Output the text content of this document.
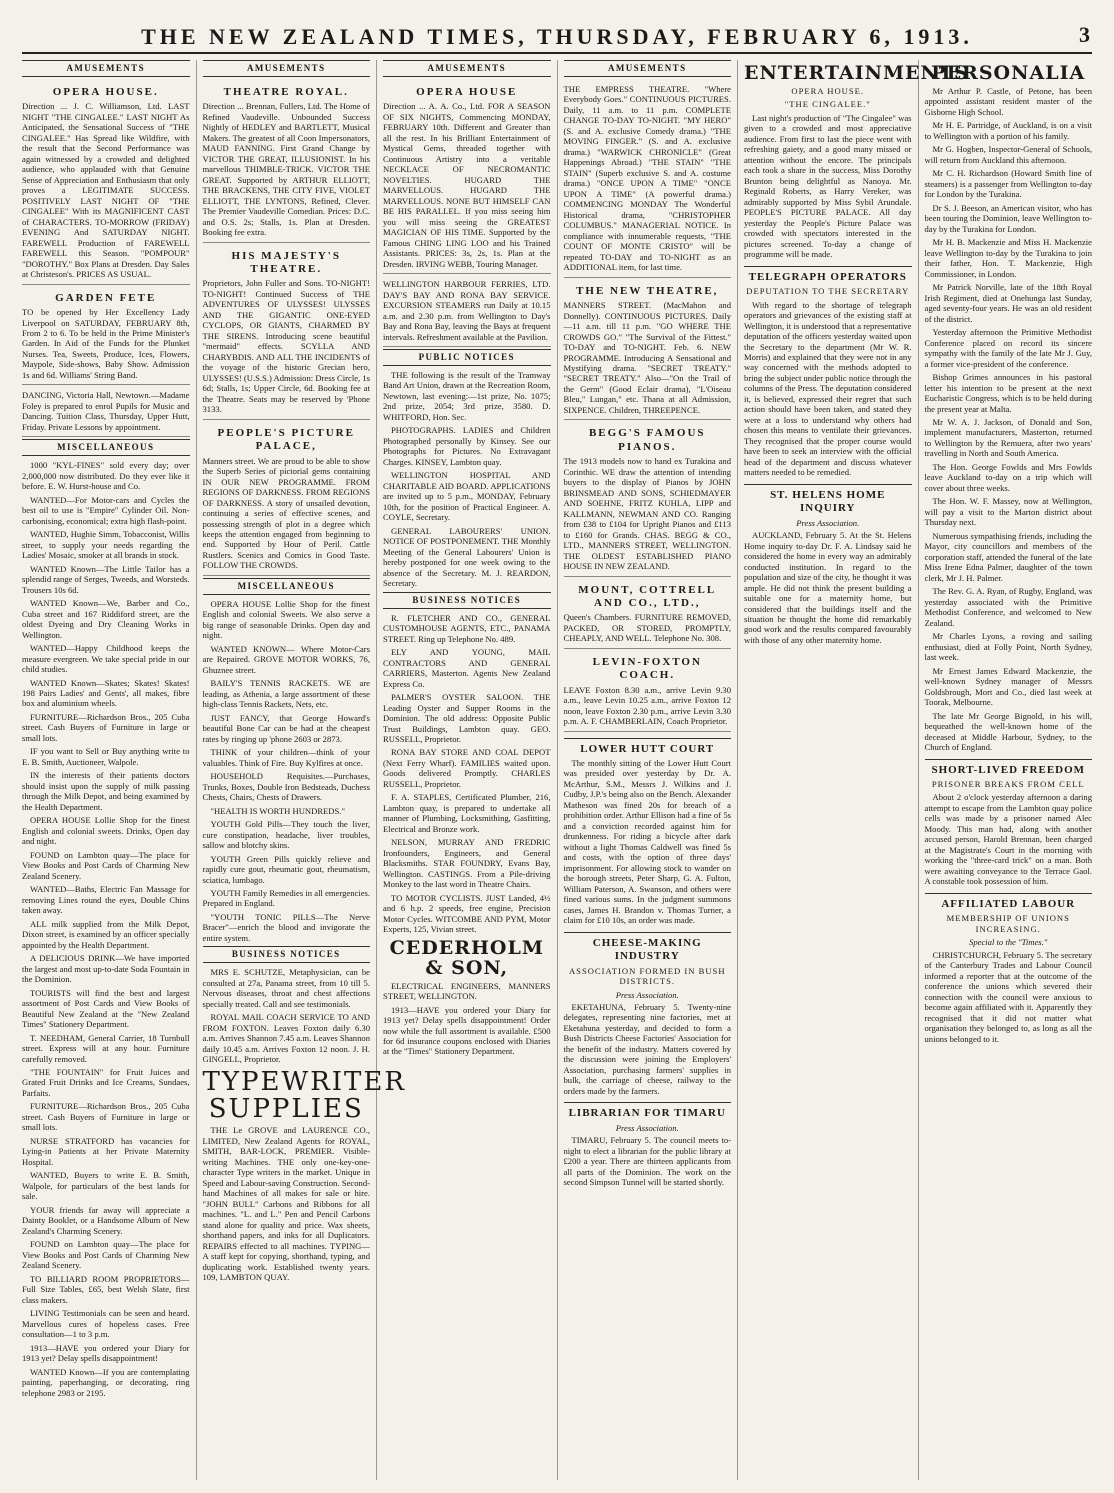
THE NEW ZEALAND TIMES, THURSDAY, FEBRUARY 6, 1913.	3
AMUSEMENTS
OPERA HOUSE.

Direction ... J. C. Williamson, Ltd. LAST NIGHT "THE CINGALEE." LAST NIGHT As Anticipated, the Sensational Success of "THE CINGALEE." Has Spread like Wildfire, with the result that the Second Performance was again witnessed by a crowded and delighted audience, who applauded with that Genuine Sense of Appreciation and Enthusiasm that only proves a LEGITIMATE SUCCESS. POSITIVELY LAST NIGHT OF "THE CINGALEE" With its MAGNIFICENT CAST of CHARACTERS. TO-MORROW (FRIDAY) EVENING And SATURDAY NIGHT. FAREWELL Production of FAREWELL FAREWELL this Season. "POMPOUR" "DOROTHY." Box Plans at Dresden. Day Sales at Christeson's. PRICES AS USUAL.

GARDEN FETE

TO be opened by Her Excellency Lady Liverpool on SATURDAY, FEBRUARY 8th, From 2 to 6. To be held in the Prime Minister's Garden. In Aid of the Funds for the Plunket Nurses. Tea, Sweets, Produce, Ices, Flowers, Maypole, Side-shows, Baby Show. Admission 1s and 6d. Williams' String Band.

DANCING, Victoria Hall, Newtown.—Madame Foley is prepared to enrol Pupils for Music and Dancing. Tuition Class, Thursday, Upper Hutt, Friday. Private Lessons by appointment.

MISCELLANEOUS

1000 "KYL-FINES" sold every day; over 2,000,000 now distributed. Do they ever like it before. E. W. Hurst-house and Co.

WANTED—For Motor-cars and Cycles the best oil to use is "Empire" Cylinder Oil. Non-carbonising, economical; extra high flash-point.

WANTED, Hughie Simm, Tobacconist, Willis street, to supply your needs regarding the Ladies' Mosaic, smoker at all brands in stock.

WANTED Known—The Little Tailor has a splendid range of Serges, Tweeds, and Worsteds. Trousers 10s 6d.

WANTED Known—We, Barber and Co., Cuba street and 167 Riddiford street, are the oldest Dyeing and Dry Cleaning Works in Wellington.

WANTED—Happy Childhood keeps the measure evergreen. We take special pride in our child studies.

WANTED Known—Skates; Skates! Skates! 198 Pairs Ladies' and Gents', all makes, fibre box and aluminium wheels.

FURNITURE—Richardson Bros., 205 Cuba street. Cash Buyers of Furniture in large or small lots.

IF you want to Sell or Buy anything write to E. B. Smith, Auctioneer, Walpole.

IN the interests of their patients doctors should insist upon the supply of milk passing through the Milk Depot, and being examined by the Health Department.

OPERA HOUSE Lollie Shop for the finest English and colonial sweets. Drinks, Open day and night.

FOUND on Lambton quay—The place for View Books and Post Cards of Charming New Zealand Scenery.

WANTED—Baths, Electric Fan Massage for removing Lines round the eyes, Double Chins taken away.

ALL milk supplied from the Milk Depot, Dixon street, is examined by an officer specially appointed by the Health Department.

A DELICIOUS DRINK—We have imported the largest and most up-to-date Soda Fountain in the Dominion.

TOURISTS will find the best and largest assortment of Post Cards and View Books of Beautiful New Zealand at the "New Zealand Times" Stationery Department.

T. NEEDHAM, General Carrier, 18 Turnbull street. Express will at any hour. Furniture carefully removed.

"THE FOUNTAIN" for Fruit Juices and Grated Fruit Drinks and Ice Creams, Sundaes, Parfaits.

FURNITURE—Richardson Bros., 205 Cuba street. Cash Buyers of Furniture in large or small lots.

NURSE STRATFORD has vacancies for Lying-in Patients at her Private Maternity Hospital.

WANTED, Buyers to write E. B. Smith, Walpole, for particulars of the best lands for sale.

YOUR friends far away will appreciate a Dainty Booklet, or a Handsome Album of New Zealand's Charming Scenery.

FOUND on Lambton quay—The place for View Books and Post Cards of Charming New Zealand Scenery.

TO BILLIARD ROOM PROPRIETORS—Full Size Tables, £65, best Welsh Slate, first class makers.

LIVING Testimonials can be seen and heard. Marvellous cures of hopeless cases. Free consultation—1 to 3 p.m.

1913—HAVE you ordered your Diary for 1913 yet? Delay spells disappointment!

WANTED Known—If you are contemplating painting, paperhanging, or decorating, ring telephone 2983 or 2195.

AMUSEMENTS
THEATRE ROYAL.

Direction ... Brennan, Fullers, Ltd. The Home of Refined Vaudeville. Unbounded Success Nightly of HEDLEY and BARTLETT, Musical Makers. The greatest of all Coon Impersonators, MAUD FANNING. First Grand Change by VICTOR THE GREAT, ILLUSIONIST. In his marvellous THIMBLE-TRICK. VICTOR THE GREAT. Supported by ARTHUR ELLIOTT, THE BRACKENS, THE CITY FIVE, VIOLET ELLIOTT, THE LYNTONS, Refined, Clever. The Premier Vaudeville Comedian. Prices: D.C. and O.S. 2s; Stalls, 1s. Plan at Dresden. Booking fee extra.

HIS MAJESTY'S THEATRE.

Proprietors, John Fuller and Sons. TO-NIGHT! TO-NIGHT! Continued Success of THE ADVENTURES OF ULYSSES! ULYSSES AND THE GIGANTIC ONE-EYED CYCLOPS, OR GIANTS, CHARMED BY THE SIRENS. Introducing scene beautiful "mermaid" effects. SCYLLA AND CHARYBDIS. AND ALL THE INCIDENTS of the voyage of the historic Grecian hero, ULYSSES! (U.S.S.) Admission: Dress Circle, 1s 6d; Stalls, 1s; Upper Circle, 6d. Booking fee at the Theatre. Seats may be reserved by 'Phone 3133.

PEOPLE'S PICTURE PALACE,

Manners street. We are proud to be able to show the Superb Series of pictorial gems containing IN OUR NEW PROGRAMME. FROM REGIONS OF DARKNESS. FROM REGIONS OF DARKNESS. A story of unsailed devotion, continuing a series of effective scenes, and possessing strength of plot in a degree which keeps the attention engaged from beginning to end. Supported by Hour of Peril. Cattle Rustlers. Scenics and Comics in Good Taste. FOLLOW THE CROWDS.

MISCELLANEOUS

OPERA HOUSE Lollie Shop for the finest English and colonial Sweets. We also serve a big range of seasonable Drinks. Open day and night.

WANTED KNOWN— Where Motor-Cars are Repaired. GROVE MOTOR WORKS, 76, Ghuznee street.

BAILY'S TENNIS RACKETS. WE are leading, as Athenia, a large assortment of these high-class Tennis Rackets, Nets, etc.

JUST FANCY, that George Howard's beautiful Bone Car can be had at the cheapest rates by ringing up 'phone 2603 or 2873.

THINK of your children—think of your valuables. Think of Fire. Buy Kylfires at once.

HOUSEHOLD Requisites.—Purchases, Trunks, Boxes, Double Iron Bedsteads, Duchess Chests, Chairs, Chests of Drawers.

"HEALTH IS WORTH HUNDREDS."

YOUTH Gold Pills—They touch the liver, cure constipation, headache, liver troubles, sallow and blotchy skins.

YOUTH Green Pills quickly relieve and rapidly cure gout, rheumatic gout, rheumatism, sciatica, lumbago.

YOUTH Family Remedies in all emergencies. Prepared in England.

"YOUTH TONIC PILLS—The Nerve Bracer"—enrich the blood and invigorate the entire system.

BUSINESS NOTICES

MRS E. SCHUTZE, Metaphysician, can be consulted at 27a, Panama street, from 10 till 5. Nervous diseases, throat and chest affections specially treated. Call and see testimonials.

ROYAL MAIL COACH SERVICE TO AND FROM FOXTON. Leaves Foxton daily 6.30 a.m. Arrives Shannon 7.45 a.m. Leaves Shannon daily 10.45 a.m. Arrives Foxton 12 noon. J. H. GINGELL, Proprietor.

TYPEWRITER SUPPLIES

THE Le GROVE and LAURENCE CO., LIMITED, New Zealand Agents for ROYAL, SMITH, BAR-LOCK, PREMIER. Visible-writing Machines. THE only one-key-one-character Type writers in the market. Unique in Speed and Labour-saving Construction. Second-hand Machines of all makes for sale or hire. "JOHN BULL" Carbons and Ribbons for all machines. "L. and L." Pen and Pencil Carbons stand alone for quality and price. Wax sheets, shorthand papers, and inks for all Duplicators. REPAIRS effected to all machines. TYPING—A staff kept for copying, shorthand, typing, and duplicating work. Established twenty years. 109, LAMBTON QUAY.

AMUSEMENTS
OPERA HOUSE

Direction ... A. A. Co., Ltd. FOR A SEASON OF SIX NIGHTS, Commencing MONDAY, FEBRUARY 10th. Different and Greater than all the rest. In his Brilliant Entertainment of Mystical Gems, threaded together with Continuous Artistry into a veritable NECKLACE OF NECROMANTIC NOVELTIES. HUGARD THE MARVELLOUS. HUGARD THE MARVELLOUS. NONE BUT HIMSELF CAN BE HIS PARALLEL. If you miss seeing him you will miss seeing the GREATEST MAGICIAN OF HIS TIME. Supported by the Famous CHING LING LOO and his Trained Assistants. PRICES: 3s, 2s, 1s. Plan at the Dresden. IRVING WEBB, Touring Manager.

WELLINGTON HARBOUR FERRIES, LTD. DAY'S BAY AND RONA BAY SERVICE. EXCURSION STEAMERS run Daily at 10.15 a.m. and 2.30 p.m. from Wellington to Day's Bay and Rona Bay, leaving the Bays at frequent intervals. Refreshment available at the Pavilion.

PUBLIC NOTICES

THE following is the result of the Tramway Band Art Union, drawn at the Recreation Room, Newtown, last evening:—1st prize, No. 1075; 2nd prize, 2054; 3rd prize, 3580. D. WHITFORD, Hon. Sec.

PHOTOGRAPHS. LADIES and Children Photographed personally by Kinsey. See our Photographs for Pictures. No Extravagant Charges. KINSEY, Lambton quay.

WELLINGTON HOSPITAL AND CHARITABLE AID BOARD. APPLICATIONS are invited up to 5 p.m., MONDAY, February 10th, for the position of Practical Engineer. A. COYLE, Secretary.

GENERAL LABOURERS' UNION. NOTICE OF POSTPONEMENT. THE Monthly Meeting of the General Labourers' Union is hereby postponed for one week owing to the absence of the Secretary. M. J. REARDON, Secretary.

BUSINESS NOTICES

R. FLETCHER AND CO., GENERAL CUSTOMHOUSE AGENTS, ETC., PANAMA STREET. Ring up Telephone No. 489.

ELY AND YOUNG, MAIL CONTRACTORS AND GENERAL CARRIERS, Masterton. Agents New Zealand Express Co.

PALMER'S OYSTER SALOON. THE Leading Oyster and Supper Rooms in the Dominion. The old address: Opposite Public Trust Buildings, Lambton quay. GEO. RUSSELL, Proprietor.

RONA BAY STORE AND COAL DEPOT (Next Ferry Wharf). FAMILIES waited upon. Goods delivered Promptly. CHARLES RUSSELL, Proprietor.

F. A. STAPLES, Certificated Plumber, 216, Lambton quay, is prepared to undertake all manner of Plumbing, Locksmithing, Gasfitting, Electrical and Bronze work.

NELSON, MURRAY AND FREDRIC Ironfounders, Engineers, and General Blacksmiths. STAR FOUNDRY, Evans Bay, Wellington. CASTINGS. From a Pile-driving Monkey to the last word in Theatre Chairs.

TO MOTOR CYCLISTS. JUST Landed, 4½ and 6 h.p. 2 speeds, free engine, Precision Motor Cycles. WITCOMBE AND PYM, Motor Experts, 125, Vivian street.

CEDERHOLM & SON,

ELECTRICAL ENGINEERS, MANNERS STREET, WELLINGTON.

1913—HAVE you ordered your Diary for 1913 yet? Delay spells disappointment! Order now while the full assortment is available. £500 for 6d insurance coupons enclosed with Diaries at the "Times" Stationery Department.

AMUSEMENTS

THE EMPRESS THEATRE. "Where Everybody Goes." CONTINUOUS PICTURES. Daily, 11 a.m. to 11 p.m. COMPLETE CHANGE TO-DAY TO-NIGHT. "MY HERO" (S. and A. exclusive Comedy drama.) "THE MOVING FINGER." (S. and A. exclusive drama.) "WARWICK CHRONICLE" (Great Happenings Abroad.) "THE STAIN" "THE STAIN" (Superb exclusive S. and A. costume drama.) "ONCE UPON A TIME" "ONCE UPON A TIME" (A powerful drama.) COMMENCING MONDAY The Wonderful Historical drama, "CHRISTOPHER COLUMBUS." MANAGERIAL NOTICE. In compliance with innumerable requests, "THE COUNT OF MONTE CRISTO" will be repeated TO-DAY and TO-NIGHT as an ADDITIONAL item, for last time.

THE NEW THEATRE,

MANNERS STREET. (MacMahon and Donnelly). CONTINUOUS PICTURES. Daily—11 a.m. till 11 p.m. "GO WHERE THE CROWDS GO." "The Survival of the Fittest." TO-DAY and TO-NIGHT. Feb. 6. NEW PROGRAMME. Introducing A Sensational and Mystifying drama. "SECRET TREATY." "SECRET TREATY." Also—"On the Trail of the Germ" (Good Eclair drama), "L'Oiseau Bleu," Lungan," etc. Thana at all Admission, SIXPENCE. Children, THREEPENCE.

BEGG'S FAMOUS PIANOS.

The 1913 models now to hand ex Turakina and Corinthic. WE draw the attention of intending buyers to the display of Pianos by JOHN BRINSMEAD AND SONS, SCHIEDMAYER AND SOEHNE, FRITZ KUHLA, LIPP and KALLMANN, NEWMAN AND CO. Ranging from £38 to £104 for Upright Pianos and £113 to £160 for Grands. CHAS. BEGG & CO., LTD., MANNERS STREET, WELLINGTON. THE OLDEST ESTABLISHED PIANO HOUSE IN NEW ZEALAND.

MOUNT, COTTRELL AND CO., LTD.,

Queen's Chambers. FURNITURE REMOVED, PACKED, OR STORED, PROMPTLY, CHEAPLY, AND WELL. Telephone No. 308.

LEVIN-FOXTON COACH.

LEAVE Foxton 8.30 a.m., arrive Levin 9.30 a.m., leave Levin 10.25 a.m., arrive Foxton 12 noon, leave Foxton 2.30 p.m., arrive Levin 3.30 p.m. A. F. CHAMBERLAIN, Coach Proprietor.

LOWER HUTT COURT

The monthly sitting of the Lower Hutt Court was presided over yesterday by Dr. A. McArthur, S.M., Messrs J. Wilkins and J. Cudby, J.P.'s being also on the Bench. Alexander Matheson was fined 20s for breach of a prohibition order. Arthur Ellison had a fine of 5s and a conviction recorded against him for drunkenness. For riding a bicycle after dark without a light Thomas Caldwell was fined 5s and costs, with the option of three days' imprisonment. For allowing stock to wander on the borough streets, Peter Sharp, G. A. Fulton, William Paterson, A. Swanson, and others were fined various sums. In the judgment summons cases, James H. Brandon v. Thomas Turner, a claim for £10 10s, an order was made.

CHEESE-MAKING INDUSTRY
ASSOCIATION FORMED IN BUSH DISTRICTS.
Press Association.

EKETAHUNA, February 5. Twenty-nine delegates, representing nine factories, met at Eketahuna yesterday, and decided to form a Bush Districts Cheese Factories' Association for the benefit of the industry. Matters covered by the discussion were joining the Employers' Association, purchasing farmers' supplies in bulk, the carriage of cheese, railway to the orders made by the farmers.

LIBRARIAN FOR TIMARU
Press Association.

TIMARU, February 5. The council meets to-night to elect a librarian for the public library at £200 a year. There are thirteen applicants from all parts of the Dominion. The work on the second Simpson Tunnel will be started shortly.

ENTERTAINMENTS
OPERA HOUSE.
"THE CINGALEE."

Last night's production of "The Cingalee" was given to a crowded and most appreciative audience. From first to last the piece went with refreshing gaiety, and a good many missed or attention without the encore. The principals each took a share in the success, Miss Dorothy Brunton being delightful as Nanoya. Mr. Reginald Roberts, as Harry Vereker, was admirably supported by Miss Sybil Arundale. PEOPLE'S PICTURE PALACE. All day yesterday the People's Picture Palace was crowded with spectators interested in the pictures screened. To-day a change of programme will be made.

TELEGRAPH OPERATORS
DEPUTATION TO THE SECRETARY

With regard to the shortage of telegraph operators and grievances of the existing staff at Wellington, it is understood that a representative deputation of the officers yesterday waited upon the Secretary to the department (Mr W. R. Morris) and explained that they were not in any way concerned with the methods adopted to bring the subject under public notice through the columns of the Press. The deputation considered it, is believed, expressed their regret that such action should have been taken, and stated they were at a loss to understand why others had chosen this means to ventilate their grievances. They recognised that the proper course would have been to seek an interview with the official head of the department and discuss whatever matters needed to be remedied.

ST. HELENS HOME INQUIRY
Press Association.

AUCKLAND, February 5. At the St. Helens Home inquiry to-day Dr. F. A. Lindsay said he considered the home in every way an admirably conducted institution. In regard to the population and size of the city, he thought it was ample. He did not think the present building a suitable one for a maternity home, but considered that the buildings itself and the situation he thought the home did remarkably good work and the results compared favourably with those of any other maternity home.

PERSONALIA

Mr Arthur P. Castle, of Petone, has been appointed assistant resident master of the Gisborne High School.

Mr H. E. Partridge, of Auckland, is on a visit to Wellington with a portion of his family.

Mr G. Hogben, Inspector-General of Schools, will return from Auckland this afternoon.

Mr C. H. Richardson (Howard Smith line of steamers) is a passenger from Wellington to-day for London by the Turakina.

Dr S. J. Beeson, an American visitor, who has been touring the Dominion, leave Wellington to-day by the Turakina for London.

Mr H. B. Mackenzie and Miss H. Mackenzie leave Wellington to-day by the Turakina to join their father, Hon. T. Mackenzie, High Commissioner, in London.

Mr Patrick Norville, late of the 18th Royal Irish Regiment, died at Onehunga last Sunday, aged seventy-four years. He was an old resident of the district.

Yesterday afternoon the Primitive Methodist Conference placed on record its sincere sympathy with the family of the late Mr J. Guy, a former vice-president of the conference.

Bishop Grimes announces in his pastoral letter his intention to be present at the next Eucharistic Congress, which is to be held during the present year at Malta.

Mr W. A. J. Jackson, of Donald and Son, implement manufacturers, Masterton, returned to Wellington by the Remuera, after two years' travelling in North and South America.

The Hon. George Fowlds and Mrs Fowlds leave Auckland to-day on a trip which will cover about three weeks.

The Hon. W. F. Massey, now at Wellington, will pay a visit to the Marton district about Thursday next.

Numerous sympathising friends, including the Mayor, city councillors and members of the corporation staff, attended the funeral of the late Miss Irene Edna Palmer, daughter of the town clerk, Mr J. H. Palmer.

The Rev. G. A. Ryan, of Rugby, England, was yesterday associated with the Primitive Methodist Conference, and welcomed to New Zealand.

Mr Charles Lyons, a roving and sailing enthusiast, died at Folly Point, North Sydney, last week.

Mr Ernest James Edward Mackenzie, the well-known Sydney manager of Messrs Goldsbrough, Mort and Co., died last week at Toorak, Melbourne.

The late Mr George Bignold, in his will, bequeathed the well-known home of the deceased at Middle Harbour, Sydney, to the Church of England.

SHORT-LIVED FREEDOM
PRISONER BREAKS FROM CELL

About 2 o'clock yesterday afternoon a daring attempt to escape from the Lambton quay police cells was made by a prisoner named Alec Moody. This man had, along with another accused person, Harold Brennan, been charged at the Magistrate's Court in the morning with working the "three-card trick" on a man. Both were awaiting conveyance to the Terrace Gaol. A constable took possession of him.

AFFILIATED LABOUR
MEMBERSHIP OF UNIONS INCREASING.
Special to the "Times."

CHRISTCHURCH, February 5. The secretary of the Canterbury Trades and Labour Council informed a reporter that at the outcome of the conference the unions which severed their connection with the council were anxious to become again affiliated with it. Apparently they recognised that it did not matter what organisation they belonged to, as long as all the unions belonged to it.
